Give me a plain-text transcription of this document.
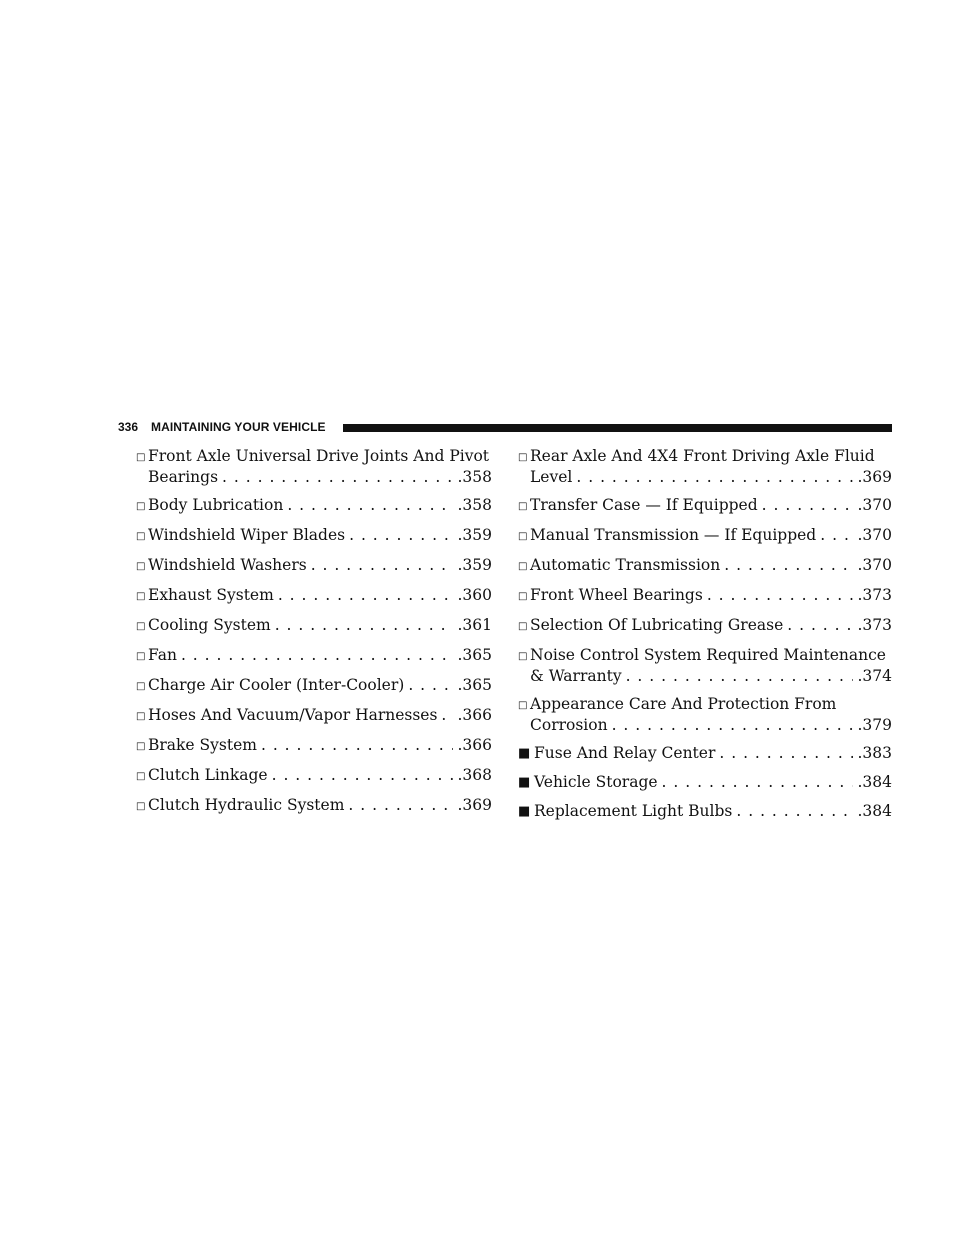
336 MAINTAINING YOUR VEHICLE
□ Front Axle Universal Drive Joints And Pivot
Bearings . . .	.358
□ Body Lubrication . . .	.358
□ Windshield Wiper Blades . . .	.359
□ Windshield Washers . . .	.359
□ Exhaust System . . .	.360
□ Cooling System . . .	.361
□ Fan . . .	.365
□ Charge Air Cooler (Inter-Cooler) . . .	.365
□ Hoses And Vacuum/Vapor Harnesses . . . .366
□ Brake System . . .	.366
□ Clutch Linkage . . .	.368
□ Clutch Hydraulic System . . .	.369
□ Rear Axle And 4X4 Front Driving Axle Fluid
Level . . .	.369
□ Transfer Case — If Equipped . . .	.370
□ Manual Transmission — If Equipped . . .	.370
□ Automatic Transmission . . .	.370
□ Front Wheel Bearings . . .	.373
□ Selection Of Lubricating Grease . . .	.373
□ Noise Control System Required Maintenance
& Warranty . . .	.374
□ Appearance Care And Protection From
Corrosion . . .	.379
■ Fuse And Relay Center . . .	.383
■ Vehicle Storage . . .	.384
■ Replacement Light Bulbs . . .	.384
